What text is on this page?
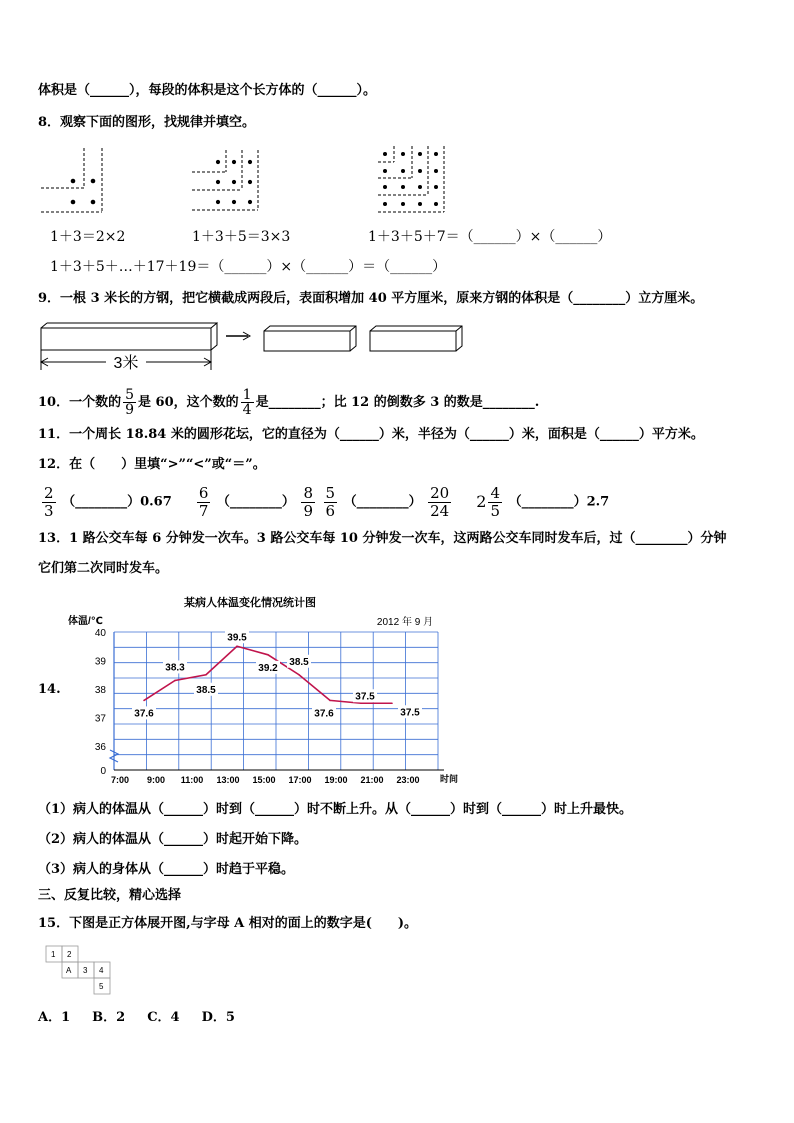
体积是（______），每段的体积是这个长方体的（______）。
8．观察下面的图形，找规律并填空。
1＋3＝2×2	1＋3＋5＝3×3	1＋3＋5＋7＝（______）×（______）
1＋3＋5＋…＋17＋19＝（______）×（______）＝（______）
9．一根 3 米长的方钢，把它横截成两段后，表面积增加 40 平方厘米，原来方钢的体积是（________）立方厘米。
3米
10．一个数的 $\frac{5}{9}$ 是 60，这个数的 $\frac{1}{4}$ 是________；比 12 的倒数多 3 的数是________.
11．一个周长 18.84 米的圆形花坛，它的直径为（______）米，半径为（______）米，面积是（______）平方米。
12．在（　　）里填“>”“<”或“＝”。
$\frac{2}{3}$ （________）0.67 $\frac{6}{7}$ （________） $\frac{8}{9}$
$\frac{5}{6}$ （________） $\frac{20}{24} 2 \frac{4}{5}$ （________）2.7
13．1 路公交车每 6 分钟发一次车。3 路公交车每 10 分钟发一次车，这两路公交车同时发车后，过（________）分钟
它们第二次同时发车。
14.
某病人体温变化情况统计图
2012 年 9 月
体温/℃
时间
40
39
38
37
36
0
7:00 9:00 11:00 13:00 15:00 17:00 19:00 21:00 23:00
37.6
38.3
38.5
39.5
39.2
38.5
37.6
37.5
37.5
（1）病人的体温从（______）时到（______）时不断上升。从（______）时到（______）时上升最快。
（2）病人的体温从（______）时起开始下降。
（3）病人的身体从（______）时趋于平稳。
三、反复比较，精心选择
15．下图是正方体展开图,与字母 A 相对的面上的数字是(　　)。
1 2
A 3 4
5
A．1 B．2 C．4 D．5
